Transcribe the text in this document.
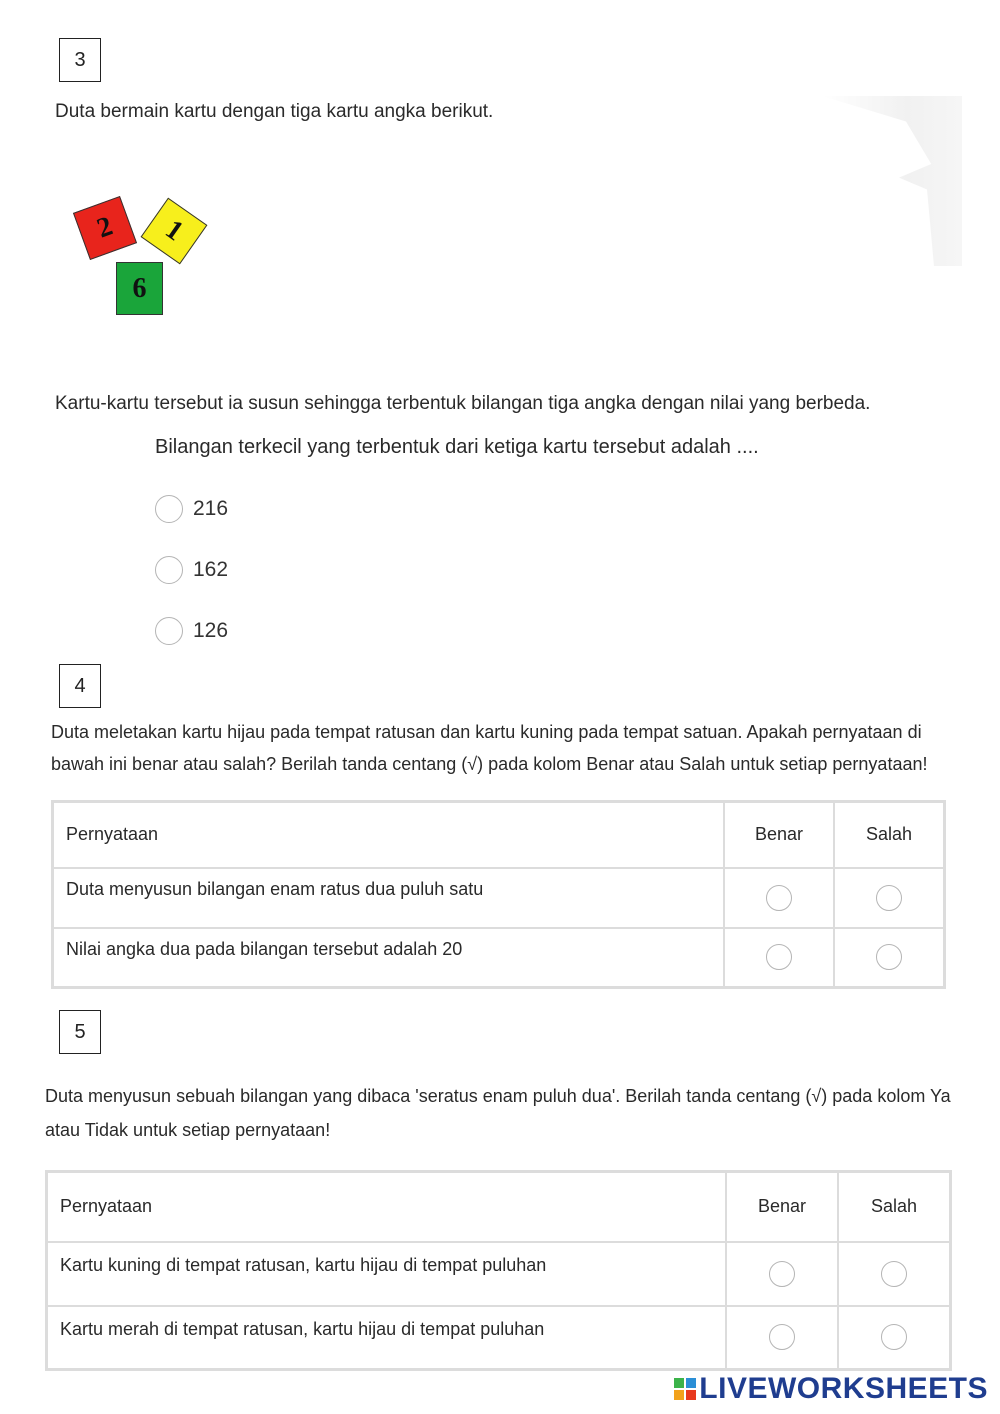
3
Duta bermain kartu dengan tiga kartu angka berikut.
2	1
6
Kartu-kartu tersebut ia susun sehingga terbentuk bilangan tiga angka dengan nilai yang berbeda.
Bilangan terkecil yang terbentuk dari ketiga kartu tersebut adalah ....
216
162
126
4
Duta meletakan kartu hijau pada tempat ratusan dan kartu kuning pada tempat satuan. Apakah pernyataan di
bawah ini benar atau salah? Berilah tanda centang (√) pada kolom Benar atau Salah untuk setiap pernyataan!
Pernyataan	Benar	Salah
Duta menyusun bilangan enam ratus dua puluh satu		
Nilai angka dua pada bilangan tersebut adalah 20		
5
Duta menyusun sebuah bilangan yang dibaca 'seratus enam puluh dua'. Berilah tanda centang (√) pada kolom Ya
atau Tidak untuk setiap pernyataan!
Pernyataan	Benar	Salah
Kartu kuning di tempat ratusan, kartu hijau di tempat puluhan		
Kartu merah di tempat ratusan, kartu hijau di tempat puluhan		
LIVEWORKSHEETS
